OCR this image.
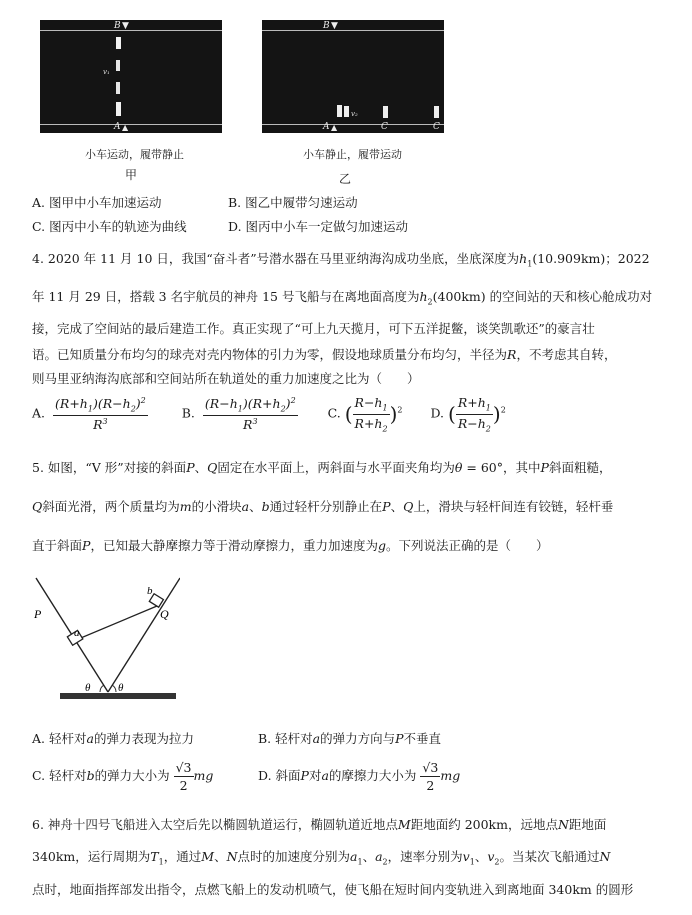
B ▼
v₁
A ▲
小车运动，履带静止
甲
B ▼
v₂
A ▲	C	C
小车静止，履带运动
乙
A. 图甲中小车加速运动	B. 图乙中履带匀速运动
C. 图丙中小车的轨迹为曲线	D. 图丙中小车一定做匀加速运动
4. 2020 年 11 月 10 日，我国“奋斗者”号潜水器在马里亚纳海沟成功坐底，坐底深度为$h_1(10.909km)$；2022
年 11 月 29 日，搭载 3 名宇航员的神舟 15 号飞船与在离地面高度为$h_2(400km)$ 的空间站的天和核心舱成功对
接，完成了空间站的最后建造工作。真正实现了“可上九天揽月，可下五洋捉鳖，谈笑凯歌还”的豪言壮
语。已知质量分布均匀的球壳对壳内物体的引力为零，假设地球质量分布均匀，半径为R，不考虑其自转，
则马里亚纳海沟底部和空间站所在轨道处的重力加速度之比为（　　）
A. $\frac{(R+h_1)(R-h_2)^2}{R^3}$	B. $\frac{(R-h_1)(R+h_2)^2}{R^3} C$. ( $\frac{R-h_1}{R+h_2} )^2$ D. ( $\frac{R+h_1}{R-h_2} )^2$
5. 如图，“V 形”对接的斜面P、Q固定在水平面上，两斜面与水平面夹角均为θ = 60°，其中P斜面粗糙，
Q斜面光滑，两个质量均为m的小滑块a、b通过轻杆分别静止在P、Q上，滑块与轻杆间连有铰链，轻杆垂
直于斜面P，已知最大静摩擦力等于滑动摩擦力，重力加速度为g。下列说法正确的是（　　）
P	Q
a
b
θ	θ
A. 轻杆对a的弹力表现为拉力	B. 轻杆对a的弹力方向与P不垂直
C. 轻杆对b的弹力大小为 $\frac{√3}{2}$ mg	D. 斜面P对a的摩擦力大小为 $\frac{√3}{2}$ mg
6. 神舟十四号飞船进入太空后先以椭圆轨道运行，椭圆轨道近地点M距地面约 200km，远地点N距地面
340km，运行周期为$T_1$，通过M、N点时的加速度分别为$a_1$、$a_2$，速率分别为$v_1$、$v_2$。当某次飞船通过N
点时，地面指挥部发出指令，点燃飞船上的发动机喷气，使飞船在短时间内变轨进入到离地面 340km 的圆形
